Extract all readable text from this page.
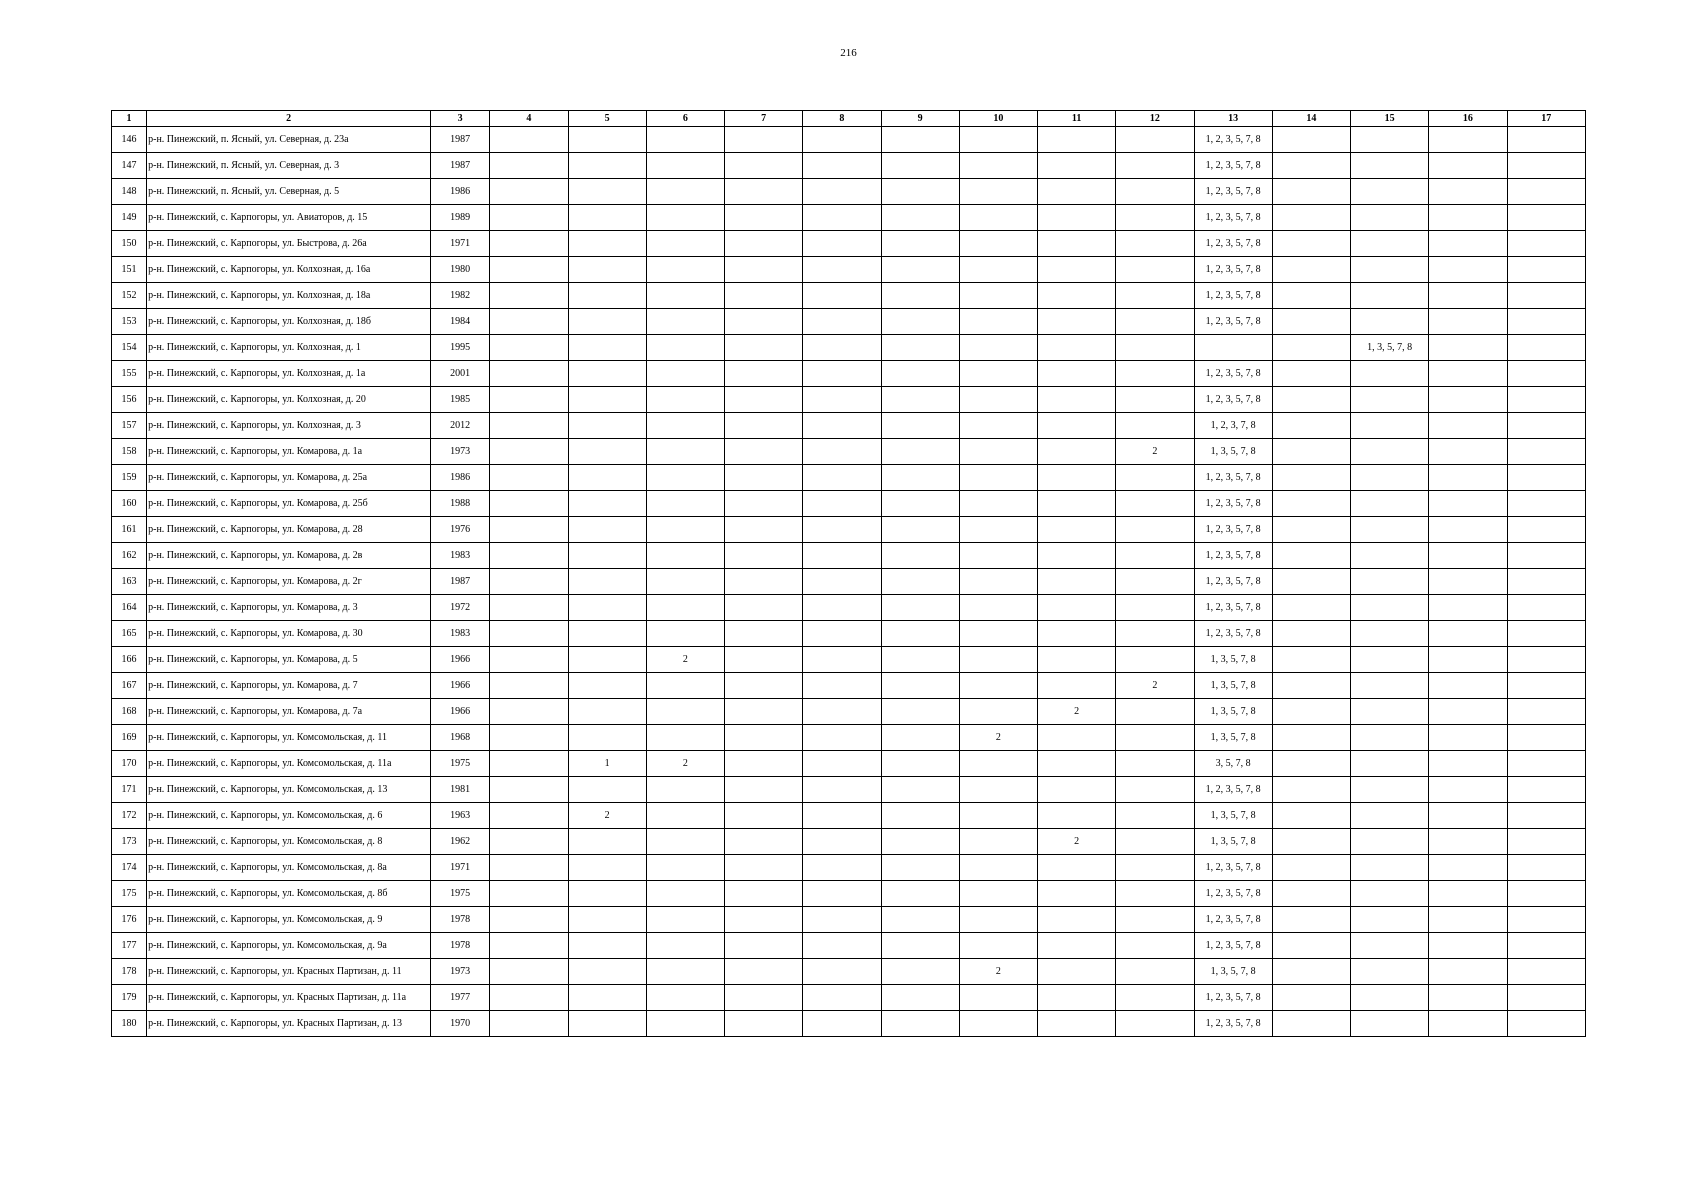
216
1	2	3	4	5	6	7	8	9	10	11	12	13	14	15	16	17
146	р-н. Пинежский, п. Ясный, ул. Северная, д. 23а	1987										1, 2, 3, 5, 7, 8				
147	р-н. Пинежский, п. Ясный, ул. Северная, д. 3	1987										1, 2, 3, 5, 7, 8				
148	р-н. Пинежский, п. Ясный, ул. Северная, д. 5	1986										1, 2, 3, 5, 7, 8				
149	р-н. Пинежский, с. Карпогоры, ул. Авиаторов, д. 15	1989										1, 2, 3, 5, 7, 8				
150	р-н. Пинежский, с. Карпогоры, ул. Быстрова, д. 26а	1971										1, 2, 3, 5, 7, 8				
151	р-н. Пинежский, с. Карпогоры, ул. Колхозная, д. 16а	1980										1, 2, 3, 5, 7, 8				
152	р-н. Пинежский, с. Карпогоры, ул. Колхозная, д. 18а	1982										1, 2, 3, 5, 7, 8				
153	р-н. Пинежский, с. Карпогоры, ул. Колхозная, д. 18б	1984										1, 2, 3, 5, 7, 8				
154	р-н. Пинежский, с. Карпогоры, ул. Колхозная, д. 1	1995												1, 3, 5, 7, 8		
155	р-н. Пинежский, с. Карпогоры, ул. Колхозная, д. 1а	2001										1, 2, 3, 5, 7, 8				
156	р-н. Пинежский, с. Карпогоры, ул. Колхозная, д. 20	1985										1, 2, 3, 5, 7, 8				
157	р-н. Пинежский, с. Карпогоры, ул. Колхозная, д. 3	2012										1, 2, 3, 7, 8				
158	р-н. Пинежский, с. Карпогоры, ул. Комарова, д. 1а	1973									2	1, 3, 5, 7, 8				
159	р-н. Пинежский, с. Карпогоры, ул. Комарова, д. 25а	1986										1, 2, 3, 5, 7, 8				
160	р-н. Пинежский, с. Карпогоры, ул. Комарова, д. 25б	1988										1, 2, 3, 5, 7, 8				
161	р-н. Пинежский, с. Карпогоры, ул. Комарова, д. 28	1976										1, 2, 3, 5, 7, 8				
162	р-н. Пинежский, с. Карпогоры, ул. Комарова, д. 2в	1983										1, 2, 3, 5, 7, 8				
163	р-н. Пинежский, с. Карпогоры, ул. Комарова, д. 2г	1987										1, 2, 3, 5, 7, 8				
164	р-н. Пинежский, с. Карпогоры, ул. Комарова, д. 3	1972										1, 2, 3, 5, 7, 8				
165	р-н. Пинежский, с. Карпогоры, ул. Комарова, д. 30	1983										1, 2, 3, 5, 7, 8				
166	р-н. Пинежский, с. Карпогоры, ул. Комарова, д. 5	1966			2							1, 3, 5, 7, 8				
167	р-н. Пинежский, с. Карпогоры, ул. Комарова, д. 7	1966									2	1, 3, 5, 7, 8				
168	р-н. Пинежский, с. Карпогоры, ул. Комарова, д. 7а	1966								2		1, 3, 5, 7, 8				
169	р-н. Пинежский, с. Карпогоры, ул. Комсомольская, д. 11	1968							2			1, 3, 5, 7, 8				
170	р-н. Пинежский, с. Карпогоры, ул. Комсомольская, д. 11а	1975		1	2							3, 5, 7, 8				
171	р-н. Пинежский, с. Карпогоры, ул. Комсомольская, д. 13	1981										1, 2, 3, 5, 7, 8				
172	р-н. Пинежский, с. Карпогоры, ул. Комсомольская, д. 6	1963		2								1, 3, 5, 7, 8				
173	р-н. Пинежский, с. Карпогоры, ул. Комсомольская, д. 8	1962								2		1, 3, 5, 7, 8				
174	р-н. Пинежский, с. Карпогоры, ул. Комсомольская, д. 8а	1971										1, 2, 3, 5, 7, 8				
175	р-н. Пинежский, с. Карпогоры, ул. Комсомольская, д. 8б	1975										1, 2, 3, 5, 7, 8				
176	р-н. Пинежский, с. Карпогоры, ул. Комсомольская, д. 9	1978										1, 2, 3, 5, 7, 8				
177	р-н. Пинежский, с. Карпогоры, ул. Комсомольская, д. 9а	1978										1, 2, 3, 5, 7, 8				
178	р-н. Пинежский, с. Карпогоры, ул. Красных Партизан, д. 11	1973							2			1, 3, 5, 7, 8				
179	р-н. Пинежский, с. Карпогоры, ул. Красных Партизан, д. 11а	1977										1, 2, 3, 5, 7, 8				
180	р-н. Пинежский, с. Карпогоры, ул. Красных Партизан, д. 13	1970										1, 2, 3, 5, 7, 8				
